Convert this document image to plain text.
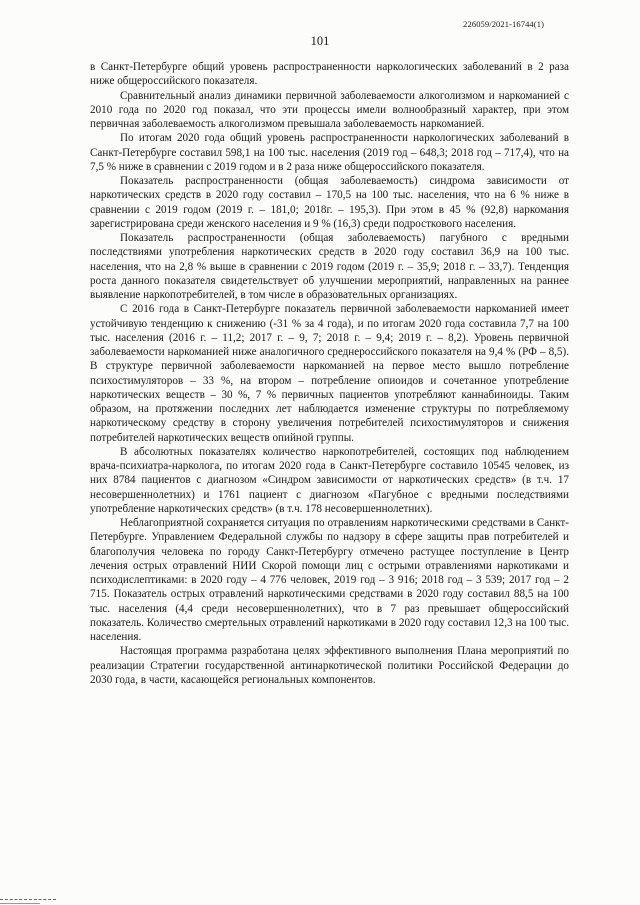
226059/2021-16744(1)
101

в Санкт-Петербурге общий уровень распространенности наркологических заболеваний в 2 раза ниже общероссийского показателя.

Сравнительный анализ динамики первичной заболеваемости алкоголизмом и наркоманией с 2010 года по 2020 год показал, что эти процессы имели волнообразный характер, при этом первичная заболеваемость алкоголизмом превышала заболеваемость наркоманией.

По итогам 2020 года общий уровень распространенности наркологических заболеваний в Санкт-Петербурге составил 598,1 на 100 тыс. населения (2019 год – 648,3; 2018 год – 717,4), что на 7,5 % ниже в сравнении с 2019 годом и в 2 раза ниже общероссийского показателя.

Показатель распространенности (общая заболеваемость) синдрома зависимости от наркотических средств в 2020 году составил – 170,5 на 100 тыс. населения, что на 6 % ниже в сравнении с 2019 годом (2019 г. – 181,0; 2018г. – 195,3). При этом в 45 % (92,8) наркомания зарегистрирована среди женского населения и 9 % (16,3) среди подросткового населения.

Показатель распространенности (общая заболеваемость) пагубного с вредными последствиями употребления наркотических средств в 2020 году составил 36,9 на 100 тыс. населения, что на 2,8 % выше в сравнении с 2019 годом (2019 г. – 35,9; 2018 г. – 33,7). Тенденция роста данного показателя свидетельствует об улучшении мероприятий, направленных на раннее выявление наркопотребителей, в том числе в образовательных организациях.

С 2016 года в Санкт-Петербурге показатель первичной заболеваемости наркоманией имеет устойчивую тенденцию к снижению (-31 % за 4 года), и по итогам 2020 года составила 7,7 на 100 тыс. населения (2016 г. – 11,2; 2017 г. – 9, 7; 2018 г. – 9,4; 2019 г. – 8,2). Уровень первичной заболеваемости наркоманией ниже аналогичного среднероссийского показателя на 9,4 % (РФ – 8,5). В структуре первичной заболеваемости наркоманией на первое место вышло потребление психостимуляторов – 33 %, на втором – потребление опиоидов и сочетанное употребление наркотических веществ – 30 %, 7 % первичных пациентов употребляют каннабиноиды. Таким образом, на протяжении последних лет наблюдается изменение структуры по потребляемому наркотическому средству в сторону увеличения потребителей психостимуляторов и снижения потребителей наркотических веществ опийной группы.

В абсолютных показателях количество наркопотребителей, состоящих под наблюдением врача-психиатра-нарколога, по итогам 2020 года в Санкт-Петербурге составило 10545 человек, из них 8784 пациентов с диагнозом «Синдром зависимости от наркотических средств» (в т.ч. 17 несовершеннолетних) и 1761 пациент с диагнозом «Пагубное с вредными последствиями употребление наркотических средств» (в т.ч. 178 несовершеннолетних).

Неблагоприятной сохраняется ситуация по отравлениям наркотическими средствами в Санкт-Петербурге. Управлением Федеральной службы по надзору в сфере защиты прав потребителей и благополучия человека по городу Санкт-Петербургу отмечено растущее поступление в Центр лечения острых отравлений НИИ Скорой помощи лиц с острыми отравлениями наркотиками и психодислептиками: в 2020 году – 4 776 человек, 2019 год – 3 916; 2018 год – 3 539; 2017 год – 2 715. Показатель острых отравлений наркотическими средствами в 2020 году составил 88,5 на 100 тыс. населения (4,4 среди несовершеннолетних), что в 7 раз превышает общероссийский показатель. Количество смертельных отравлений наркотиками в 2020 году составил 12,3 на 100 тыс. населения.

Настоящая программа разработана целях эффективного выполнения Плана мероприятий по реализации Стратегии государственной антинаркотической политики Российской Федерации до 2030 года, в части, касающейся региональных компонентов.
